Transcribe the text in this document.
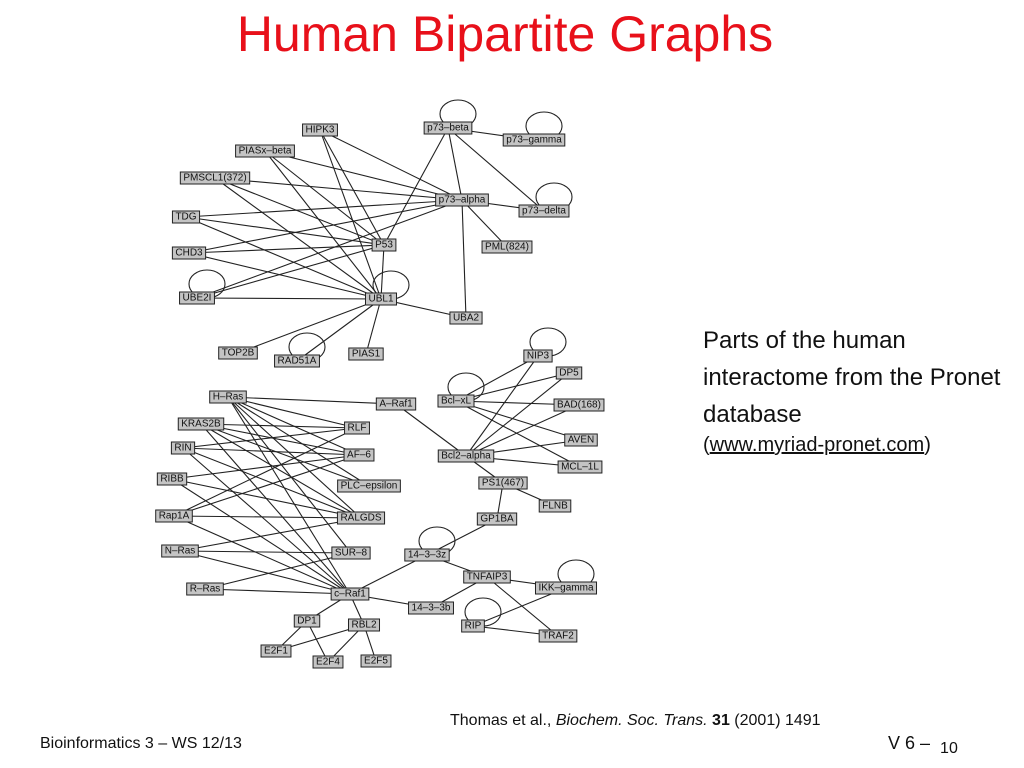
Human Bipartite Graphs
HIPK3	p73–beta
PIASx–beta
p73–gamma
PMSCL1(372)
p73–alpha
p73–delta
TDG
P53	PML(824)
CHD3
UBE2I	UBL1
UBA2
TOP2B
RAD51A
PIAS1	NIP3
DP5
H–Ras
A–Raf1	Bcl–xL	BAD(168)
KRAS2B	RLF
AVEN
RIN
AF–6	Bcl2–alpha
MCL–1L
RIBB
PLC–epsilon	PS1(467)
FLNB
Rap1A	RALGDS	GP1BA
N–Ras	SUR–8	14–3–3z
TNFAIP3
R–Ras	IKK–gamma
c–Raf1
14–3–3b
DP1	RIP
RBL2
TRAF2
E2F1
E2F4 E2F5
Parts of the human interactome from the Pronet database
(www.myriad-pronet.com)
Thomas et al., Biochem. Soc. Trans. 31 (2001) 1491
Bioinformatics 3 – WS 12/13	V 6 – 10
